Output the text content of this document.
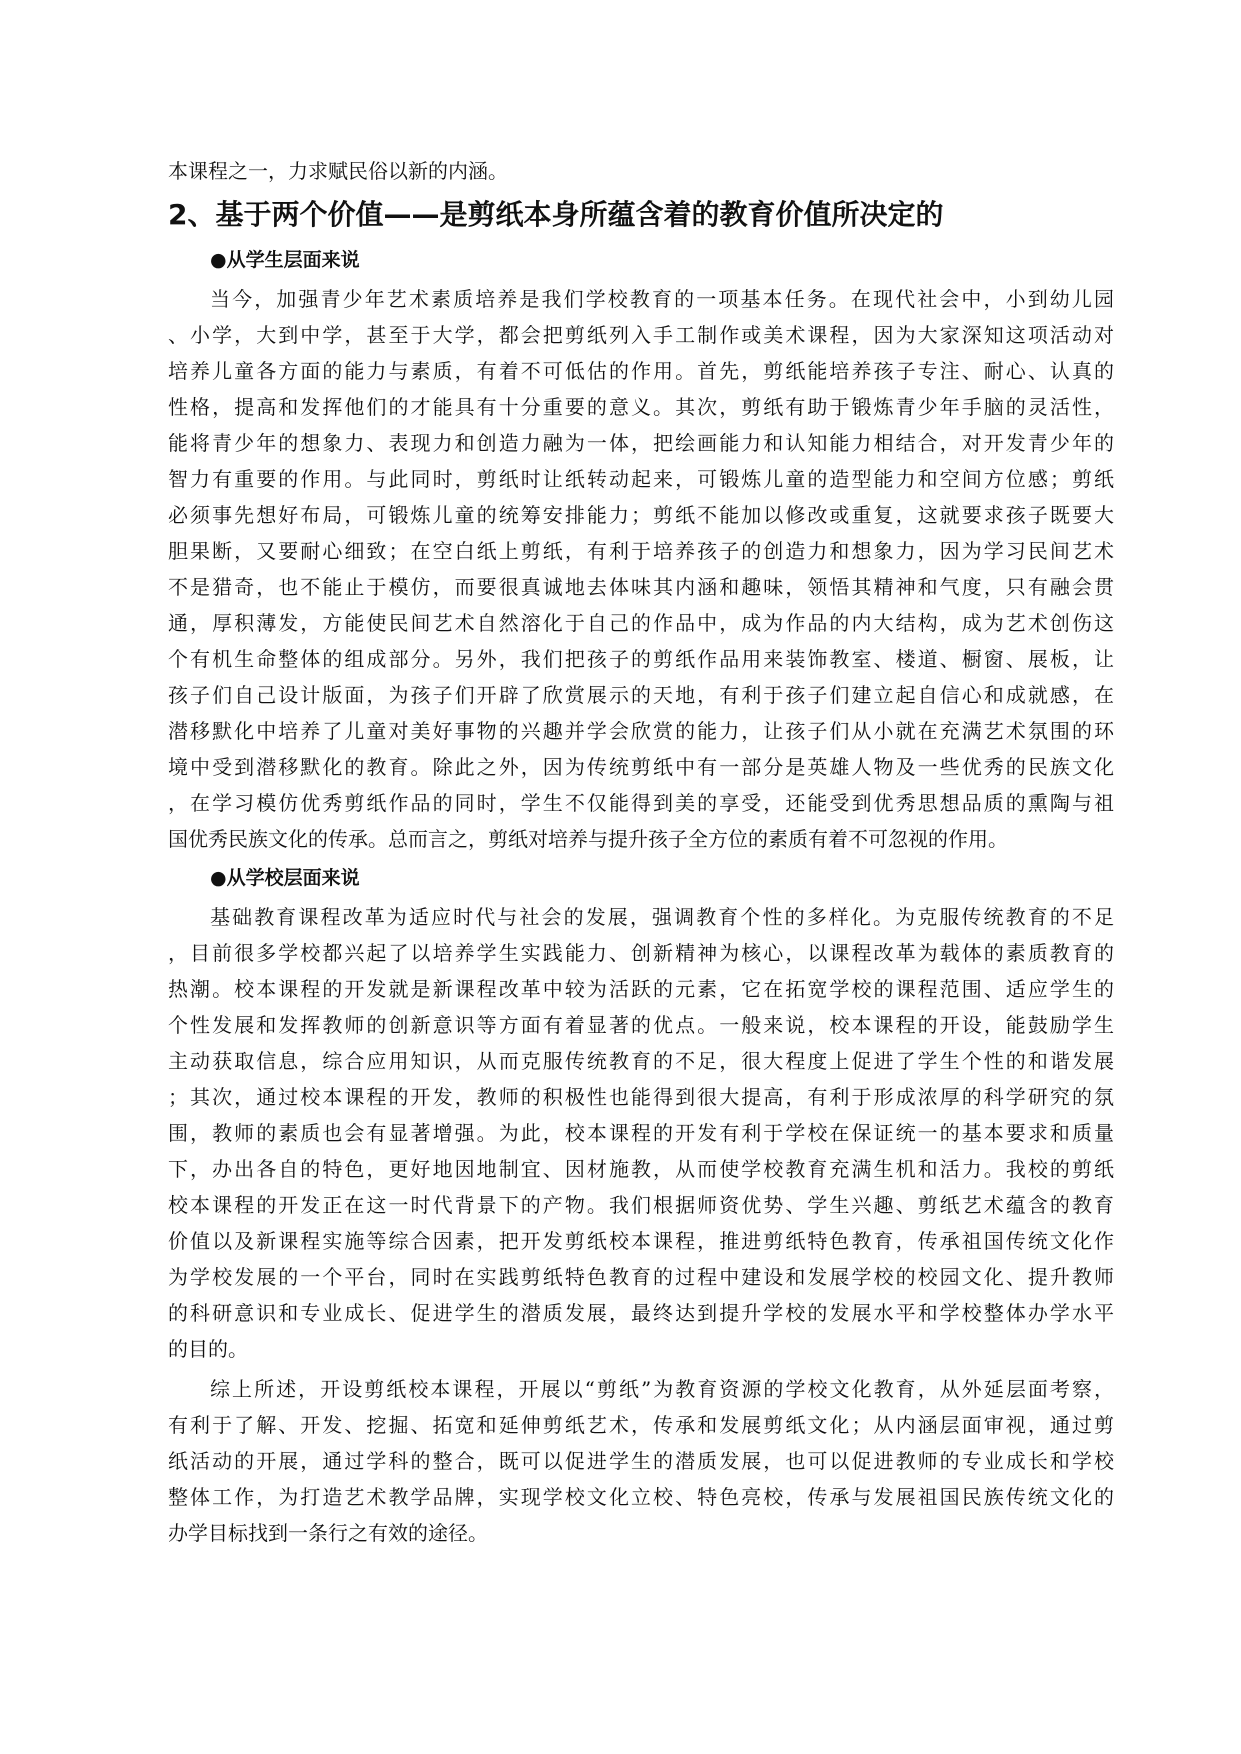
本课程之一，力求赋民俗以新的内涵。

2、基于两个价值——是剪纸本身所蕴含着的教育价值所决定的
●从学生层面来说

当今，加强青少年艺术素质培养是我们学校教育的一项基本任务。在现代社会中，小到幼儿园

、小学，大到中学，甚至于大学，都会把剪纸列入手工制作或美术课程，因为大家深知这项活动对

培养儿童各方面的能力与素质，有着不可低估的作用。首先，剪纸能培养孩子专注、耐心、认真的

性格，提高和发挥他们的才能具有十分重要的意义。其次，剪纸有助于锻炼青少年手脑的灵活性，

能将青少年的想象力、表现力和创造力融为一体，把绘画能力和认知能力相结合，对开发青少年的

智力有重要的作用。与此同时，剪纸时让纸转动起来，可锻炼儿童的造型能力和空间方位感；剪纸

必须事先想好布局，可锻炼儿童的统筹安排能力；剪纸不能加以修改或重复，这就要求孩子既要大

胆果断，又要耐心细致；在空白纸上剪纸，有利于培养孩子的创造力和想象力，因为学习民间艺术

不是猎奇，也不能止于模仿，而要很真诚地去体味其内涵和趣味，领悟其精神和气度，只有融会贯

通，厚积薄发，方能使民间艺术自然溶化于自己的作品中，成为作品的内大结构，成为艺术创伤这

个有机生命整体的组成部分。另外，我们把孩子的剪纸作品用来装饰教室、楼道、橱窗、展板，让

孩子们自己设计版面，为孩子们开辟了欣赏展示的天地，有利于孩子们建立起自信心和成就感，在

潜移默化中培养了儿童对美好事物的兴趣并学会欣赏的能力，让孩子们从小就在充满艺术氛围的环

境中受到潜移默化的教育。除此之外，因为传统剪纸中有一部分是英雄人物及一些优秀的民族文化

，在学习模仿优秀剪纸作品的同时，学生不仅能得到美的享受，还能受到优秀思想品质的熏陶与祖

国优秀民族文化的传承。总而言之，剪纸对培养与提升孩子全方位的素质有着不可忽视的作用。

●从学校层面来说

基础教育课程改革为适应时代与社会的发展，强调教育个性的多样化。为克服传统教育的不足

，目前很多学校都兴起了以培养学生实践能力、创新精神为核心，以课程改革为载体的素质教育的

热潮。校本课程的开发就是新课程改革中较为活跃的元素，它在拓宽学校的课程范围、适应学生的

个性发展和发挥教师的创新意识等方面有着显著的优点。一般来说，校本课程的开设，能鼓励学生

主动获取信息，综合应用知识，从而克服传统教育的不足，很大程度上促进了学生个性的和谐发展

；其次，通过校本课程的开发，教师的积极性也能得到很大提高，有利于形成浓厚的科学研究的氛

围，教师的素质也会有显著增强。为此，校本课程的开发有利于学校在保证统一的基本要求和质量

下，办出各自的特色，更好地因地制宜、因材施教，从而使学校教育充满生机和活力。我校的剪纸

校本课程的开发正在这一时代背景下的产物。我们根据师资优势、学生兴趣、剪纸艺术蕴含的教育

价值以及新课程实施等综合因素，把开发剪纸校本课程，推进剪纸特色教育，传承祖国传统文化作

为学校发展的一个平台，同时在实践剪纸特色教育的过程中建设和发展学校的校园文化、提升教师

的科研意识和专业成长、促进学生的潜质发展，最终达到提升学校的发展水平和学校整体办学水平

的目的。

综上所述，开设剪纸校本课程，开展以“剪纸”为教育资源的学校文化教育，从外延层面考察，

有利于了解、开发、挖掘、拓宽和延伸剪纸艺术，传承和发展剪纸文化；从内涵层面审视，通过剪

纸活动的开展，通过学科的整合，既可以促进学生的潜质发展，也可以促进教师的专业成长和学校

整体工作，为打造艺术教学品牌，实现学校文化立校、特色亮校，传承与发展祖国民族传统文化的

办学目标找到一条行之有效的途径。
